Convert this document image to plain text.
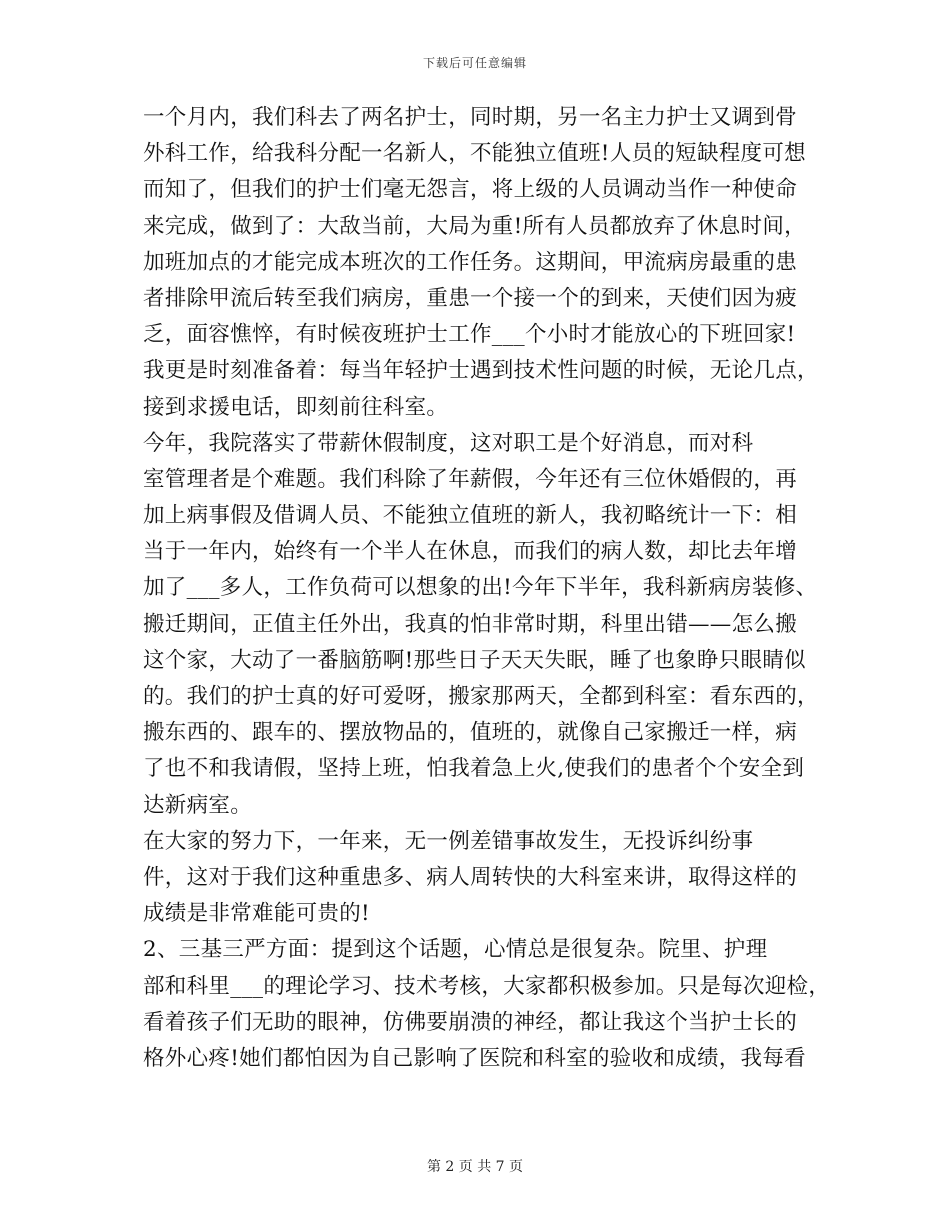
下载后可任意编辑
一个月内，我们科去了两名护士，同时期，另一名主力护士又调到骨
外科工作，给我科分配一名新人，不能独立值班!人员的短缺程度可想
而知了，但我们的护士们毫无怨言，将上级的人员调动当作一种使命
来完成，做到了：大敌当前，大局为重!所有人员都放弃了休息时间，
加班加点的才能完成本班次的工作任务。这期间，甲流病房最重的患
者排除甲流后转至我们病房，重患一个接一个的到来，天使们因为疲
乏，面容憔悴，有时候夜班护士工作___个小时才能放心的下班回家!
我更是时刻准备着：每当年轻护士遇到技术性问题的时候，无论几点，
接到求援电话，即刻前往科室。
今年，我院落实了带薪休假制度，这对职工是个好消息，而对科
室管理者是个难题。我们科除了年薪假，今年还有三位休婚假的，再
加上病事假及借调人员、不能独立值班的新人，我初略统计一下：相
当于一年内，始终有一个半人在休息，而我们的病人数，却比去年增
加了___多人，工作负荷可以想象的出!今年下半年，我科新病房装修、
搬迁期间，正值主任外出，我真的怕非常时期，科里出错——怎么搬
这个家，大动了一番脑筋啊!那些日子天天失眠，睡了也象睁只眼睛似
的。我们的护士真的好可爱呀，搬家那两天，全都到科室：看东西的，
搬东西的、跟车的、摆放物品的，值班的，就像自己家搬迁一样，病
了也不和我请假，坚持上班，怕我着急上火,使我们的患者个个安全到
达新病室。
在大家的努力下，一年来，无一例差错事故发生，无投诉纠纷事
件，这对于我们这种重患多、病人周转快的大科室来讲，取得这样的
成绩是非常难能可贵的!
2、三基三严方面：提到这个话题，心情总是很复杂。院里、护理
部和科里___的理论学习、技术考核，大家都积极参加。只是每次迎检，
看着孩子们无助的眼神，仿佛要崩溃的神经，都让我这个当护士长的
格外心疼!她们都怕因为自己影响了医院和科室的验收和成绩，我每看
第 2 页 共 7 页
